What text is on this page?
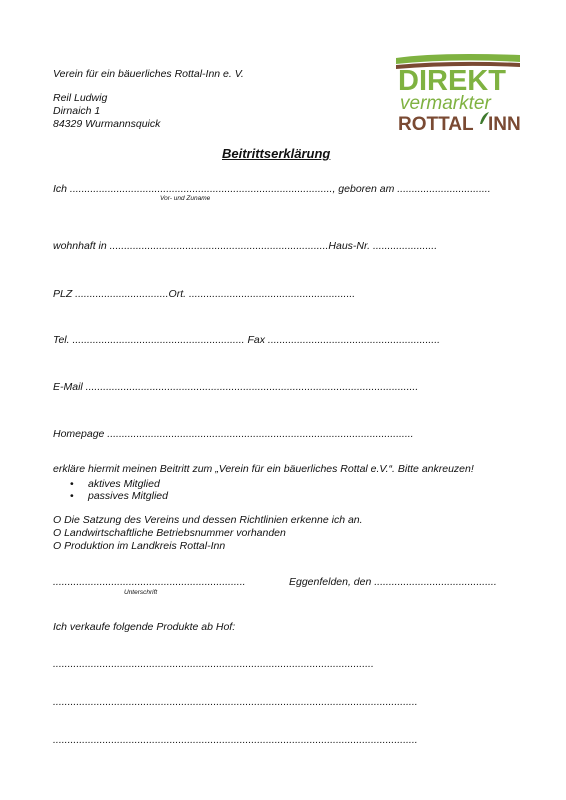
Verein für ein bäuerliches Rottal-Inn e. V.
Reil Ludwig
Dirnaich 1
84329 Wurmannsquick
DIREKT
vermarkter
ROTTAL INN
Beitrittserklärung
Ich .........................................................................................., geboren am ................................
Vor- und Zuname
wohnhaft in ...........................................................................Haus-Nr. ......................
PLZ ................................Ort. .........................................................
Tel. ........................................................... Fax ...........................................................
E-Mail ..................................................................................................................
Homepage .........................................................................................................
erkläre hiermit meinen Beitritt zum „Verein für ein bäuerliches Rottal e.V.“. Bitte ankreuzen!
• aktives Mitglied
• passives Mitglied
O Die Satzung des Vereins und dessen Richtlinien erkenne ich an.
O Landwirtschaftliche Betriebsnummer vorhanden
O Produktion im Landkreis Rottal-Inn
..................................................................
Unterschrift
Eggenfelden, den ..........................................
Ich verkaufe folgende Produkte ab Hof:
..............................................................................................................
.............................................................................................................................
.............................................................................................................................
